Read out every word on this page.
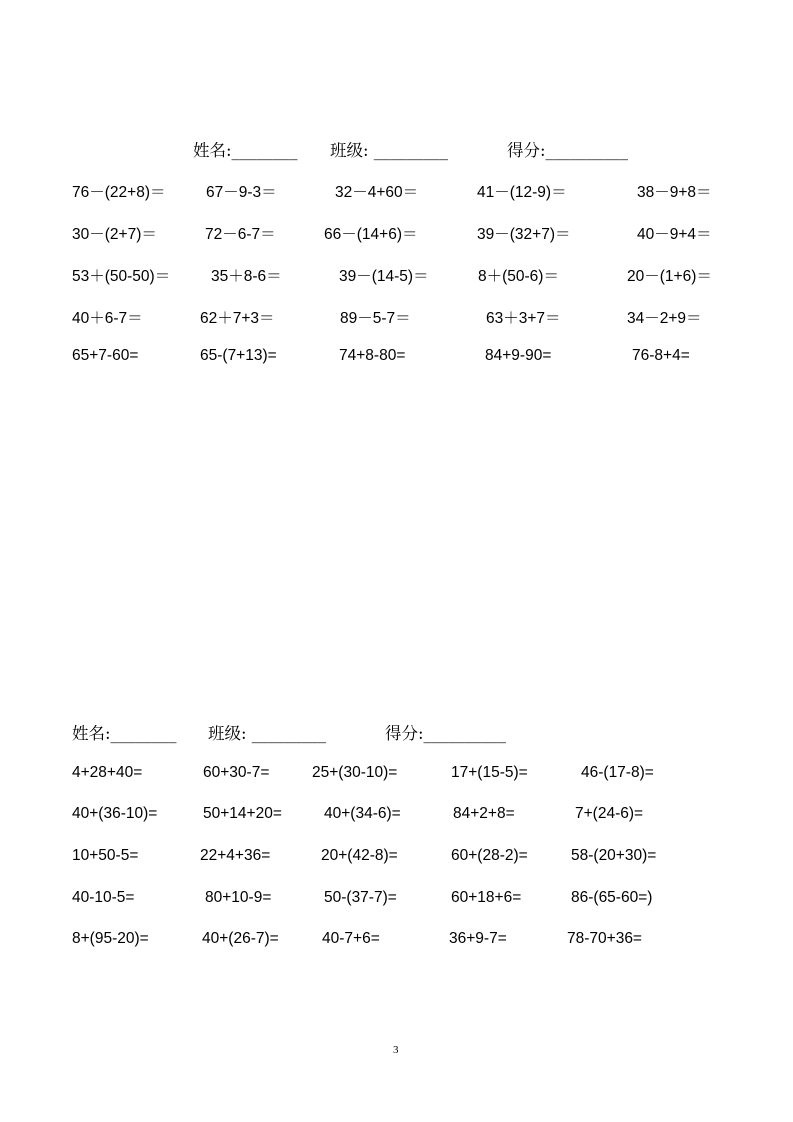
姓名:________ 班级: _________	得分:__________
76－(22+8)＝	67－9-3＝	32－4+60＝	41－(12-9)＝	38－9+8＝
30－(2+7)＝	72－6-7＝	66－(14+6)＝	39－(32+7)＝	40－9+4＝
53＋(50-50)＝	35＋8-6＝	39－(14-5)＝	8＋(50-6)＝	20－(1+6)＝
40＋6-7＝	62＋7+3＝	89－5-7＝	63＋3+7＝	34－2+9＝
65+7-60=	65-(7+13)=	74+8-80=	84+9-90=	76-8+4=
姓名:________ 班级: _________	得分:__________
4+28+40=	60+30-7=	25+(30-10)=	17+(15-5)=	46-(17-8)=
40+(36-10)=	50+14+20=	40+(34-6)=	84+2+8=	7+(24-6)=
10+50-5=	22+4+36=	20+(42-8)=	60+(28-2)=	58-(20+30)=
40-10-5=	80+10-9=	50-(37-7)=	60+18+6=	86-(65-60=)
8+(95-20)=	40+(26-7)=	40-7+6=	36+9-7=	78-70+36=
3
